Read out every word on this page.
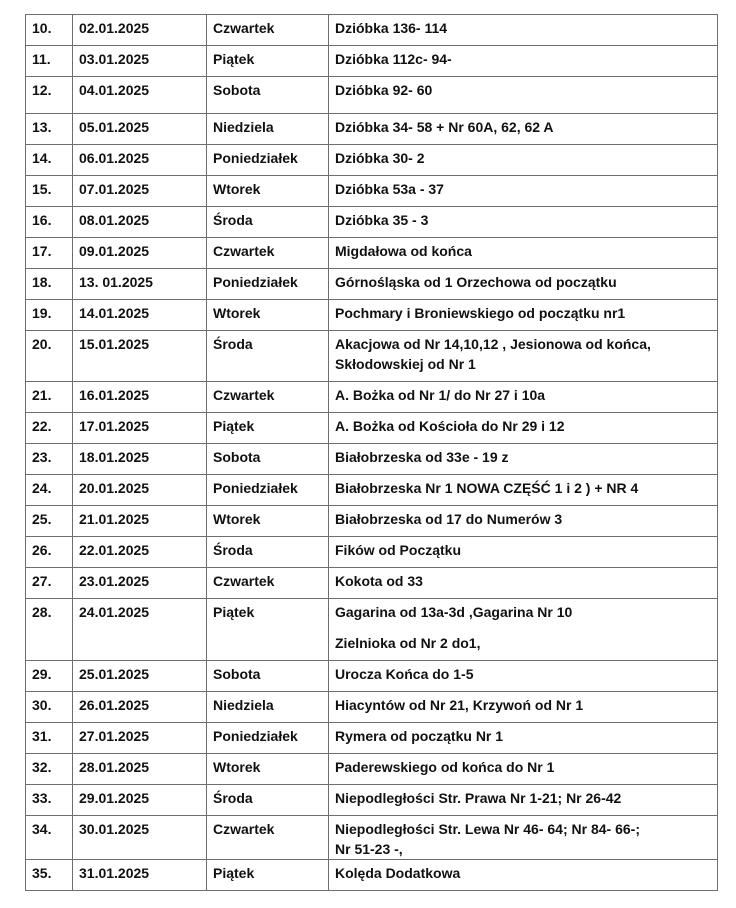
10.	02.01.2025	Czwartek	Dzióbka 136- 114

11.	03.01.2025	Piątek	Dzióbka 112c- 94-

12.	04.01.2025	Sobota	Dzióbka 92- 60

13.	05.01.2025	Niedziela	Dzióbka 34- 58 + Nr 60A, 62, 62 A

14.	06.01.2025	Poniedziałek	Dzióbka 30- 2

15.	07.01.2025	Wtorek	Dzióbka 53a - 37

16.	08.01.2025	Środa	Dzióbka 35 - 3

17.	09.01.2025	Czwartek	Migdałowa od końca

18.	13. 01.2025	Poniedziałek	Górnośląska od 1 Orzechowa od początku

19.	14.01.2025	Wtorek	Pochmary i Broniewskiego od początku nr1

20.	15.01.2025	Środa	Akacjowa od Nr 14,10,12 , Jesionowa od końca,
Skłodowskiej od Nr 1

21.	16.01.2025	Czwartek	A. Bożka od Nr 1/ do Nr 27 i 10a

22.	17.01.2025	Piątek	A. Bożka od Kościoła do Nr 29 i 12

23.	18.01.2025	Sobota	Białobrzeska od 33e - 19 z

24.	20.01.2025	Poniedziałek	Białobrzeska Nr 1 NOWA CZĘŚĆ 1 i 2 ) + NR 4

25.	21.01.2025	Wtorek	Białobrzeska od 17 do Numerów 3

26.	22.01.2025	Środa	Fików od Początku

27.	23.01.2025	Czwartek	Kokota od 33

28.	24.01.2025	Piątek	Gagarina od 13a-3d ,Gagarina Nr 10
Zielnioka od Nr 2 do1,

29.	25.01.2025	Sobota	Urocza Końca do 1-5

30.	26.01.2025	Niedziela	Hiacyntów od Nr 21, Krzywoń od Nr 1

31.	27.01.2025	Poniedziałek	Rymera od początku Nr 1

32.	28.01.2025	Wtorek	Paderewskiego od końca do Nr 1

33.	29.01.2025	Środa	Niepodległości Str. Prawa Nr 1-21; Nr 26-42

34.	30.01.2025	Czwartek	Niepodległości Str. Lewa Nr 46- 64; Nr 84- 66-;
Nr 51-23 -,

35.	31.01.2025	Piątek	Kolęda Dodatkowa
